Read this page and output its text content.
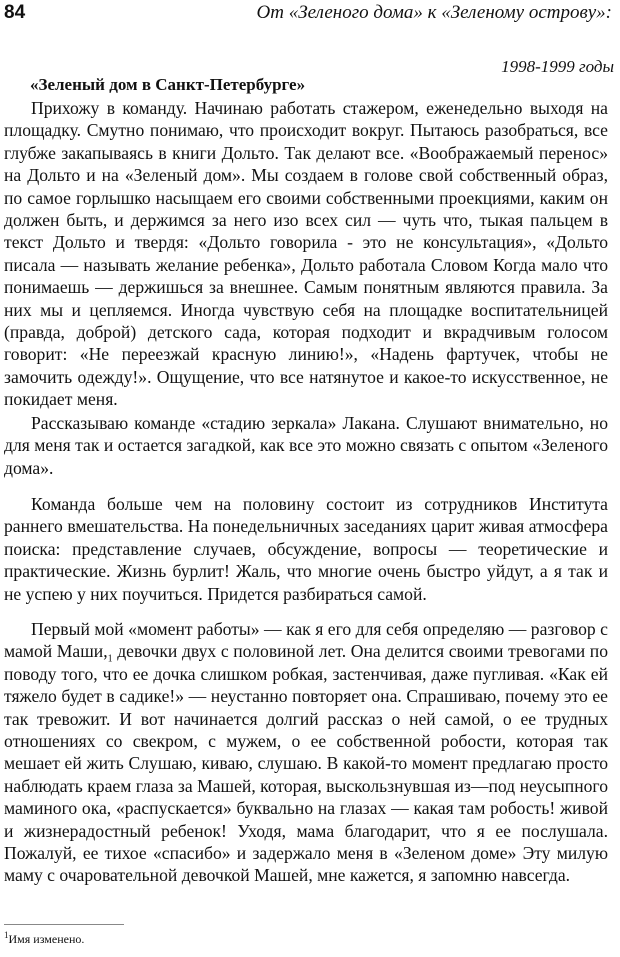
84	От «Зеленого дома» к «Зеленому острову»:
1998-1999 годы
«Зеленый дом в Санкт-Петербурге»

Прихожу в команду. Начинаю работать стажером, еженедельно выходя на площадку. Смутно понимаю, что происходит вокруг. Пытаюсь разобраться, все глубже закапываясь в книги Дольто. Так делают все. «Воображаемый перенос» на Дольто и на «Зеленый дом». Мы создаем в голове свой собственный образ, по самое горлышко насыщаем его своими собственными проекциями, каким он должен быть, и держимся за него изо всех сил — чуть что, тыкая пальцем в текст Дольто и твердя: «Дольто говорила - это не консультация», «Дольто писала — называть желание ребенка», Дольто работала Словом Когда мало что понимаешь — держишься за внешнее. Самым понятным являются правила. За них мы и цепляемся. Иногда чувствую себя на площадке воспитательницей (правда, доброй) детского сада, которая подходит и вкрадчивым голосом говорит: «Не переезжай красную линию!», «Надень фартучек, чтобы не замочить одежду!». Ощущение, что все натянутое и какое-то искусственное, не покидает меня.

Рассказываю команде «стадию зеркала» Лакана. Слушают внимательно, но для меня так и остается загадкой, как все это можно связать с опытом «Зеленого дома».

Команда больше чем на половину состоит из сотрудников Института раннего вмешательства. На понедельничных заседаниях царит живая атмосфера поиска: представление случаев, обсуждение, вопросы — теоретические и практические. Жизнь бурлит! Жаль, что многие очень быстро уйдут, а я так и не успею у них поучиться. Придется разбираться самой.

Первый мой «момент работы» — как я его для себя определяю — разговор с мамой $Маши,_1$ девочки двух с половиной лет. Она делится своими тревогами по поводу того, что ее дочка слишком робкая, застенчивая, даже пугливая. «Как ей тяжело будет в садике!» — неустанно повторяет она. Спрашиваю, почему это ее так тревожит. И вот начинается долгий рассказ о ней самой, о ее трудных отношениях со свекром, с мужем, о ее собственной робости, которая так мешает ей жить Слушаю, киваю, слушаю. В какой-то момент предлагаю просто наблюдать краем глаза за Машей, которая, выскользнувшая из—под неусыпного маминого ока, «распускается» буквально на глазах — какая там робость! живой и жизнерадостный ребенок! Уходя, мама благодарит, что я ее послушала. Пожалуй, ее тихое «спасибо» и задержало меня в «Зеленом доме» Эту милую маму с очаровательной девочкой Машей, мне кажется, я запомню навсегда.

$^1$Имя изменено.
